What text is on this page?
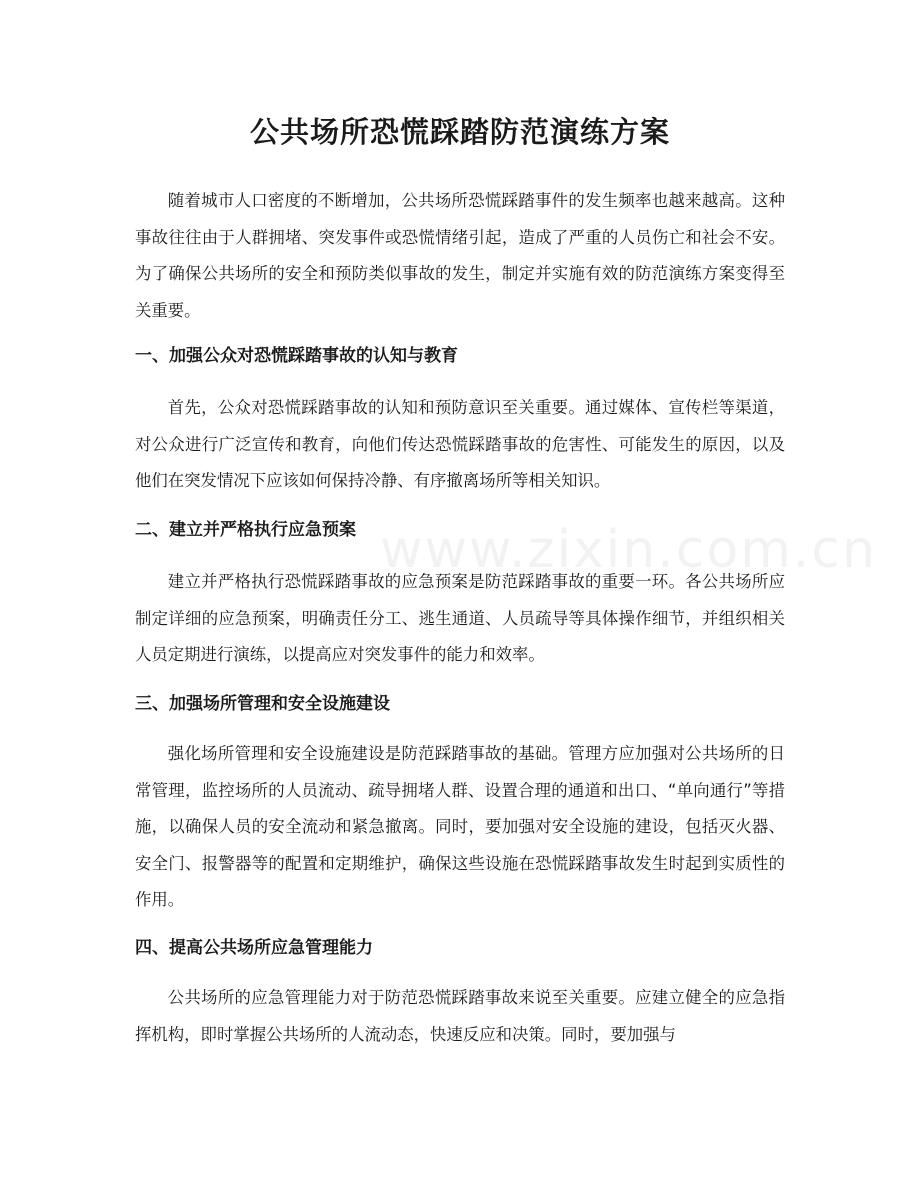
www.zixin.com.cn
公共场所恐慌踩踏防范演练方案

随着城市人口密度的不断增加，公共场所恐慌踩踏事件的发生频率也越来越高。这种事故往往由于人群拥堵、突发事件或恐慌情绪引起，造成了严重的人员伤亡和社会不安。为了确保公共场所的安全和预防类似事故的发生，制定并实施有效的防范演练方案变得至关重要。

一、加强公众对恐慌踩踏事故的认知与教育

首先，公众对恐慌踩踏事故的认知和预防意识至关重要。通过媒体、宣传栏等渠道，对公众进行广泛宣传和教育，向他们传达恐慌踩踏事故的危害性、可能发生的原因，以及他们在突发情况下应该如何保持冷静、有序撤离场所等相关知识。

二、建立并严格执行应急预案

建立并严格执行恐慌踩踏事故的应急预案是防范踩踏事故的重要一环。各公共场所应制定详细的应急预案，明确责任分工、逃生通道、人员疏导等具体操作细节，并组织相关人员定期进行演练，以提高应对突发事件的能力和效率。

三、加强场所管理和安全设施建设

强化场所管理和安全设施建设是防范踩踏事故的基础。管理方应加强对公共场所的日常管理，监控场所的人员流动、疏导拥堵人群、设置合理的通道和出口、“单向通行”等措施，以确保人员的安全流动和紧急撤离。同时，要加强对安全设施的建设，包括灭火器、安全门、报警器等的配置和定期维护，确保这些设施在恐慌踩踏事故发生时起到实质性的作用。

四、提高公共场所应急管理能力

公共场所的应急管理能力对于防范恐慌踩踏事故来说至关重要。应建立健全的应急指挥机构，即时掌握公共场所的人流动态，快速反应和决策。同时，要加强与
